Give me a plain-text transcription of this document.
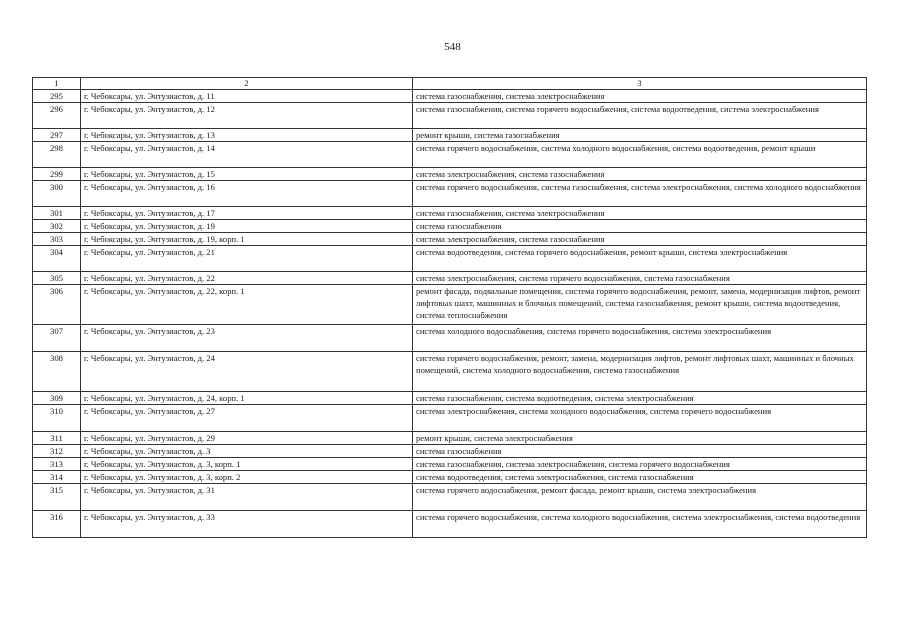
548
1	2	3
295	г. Чебоксары, ул. Энтузиастов, д. 11	система газоснабжения, система электроснабжения
296	г. Чебоксары, ул. Энтузиастов, д. 12	система газоснабжения, система горячего водоснабжения, система водоотведения, система электроснабжения
297	г. Чебоксары, ул. Энтузиастов, д. 13	ремонт крыши, система газоснабжения
298	г. Чебоксары, ул. Энтузиастов, д. 14	система горячего водоснабжения, система холодного водоснабжения, система водоотведения, ремонт крыши
299	г. Чебоксары, ул. Энтузиастов, д. 15	система электроснабжения, система газоснабжения
300	г. Чебоксары, ул. Энтузиастов, д. 16	система горячего водоснабжения, система газоснабжения, система электроснабжения, система холодного водоснабжения
301	г. Чебоксары, ул. Энтузиастов, д. 17	система газоснабжения, система электроснабжения
302	г. Чебоксары, ул. Энтузиастов, д. 19	система газоснабжения
303	г. Чебоксары, ул. Энтузиастов, д. 19, корп. 1	система электроснабжения, система газоснабжения
304	г. Чебоксары, ул. Энтузиастов, д. 21	система водоотведения, система горячего водоснабжения, ремонт крыши, система электроснабжения
305	г. Чебоксары, ул. Энтузиастов, д. 22	система электроснабжения, система горячего водоснабжения, система газоснабжения
306	г. Чебоксары, ул. Энтузиастов, д. 22, корп. 1	ремонт фасада, подвальные помещения, система горячего водоснабжения, ремонт, замена, модернизация лифтов, ремонт лифтовых шахт, машинных и блочных помещений, система газоснабжения, ремонт крыши, система водоотведения, система теплоснабжения
307	г. Чебоксары, ул. Энтузиастов, д. 23	система холодного водоснабжения, система горячего водоснабжения, система электроснабжения
308	г. Чебоксары, ул. Энтузиастов, д. 24	система горячего водоснабжения, ремонт, замена, модернизация лифтов, ремонт лифтовых шахт, машинных и блочных помещений, система холодного водоснабжения, система газоснабжения
309	г. Чебоксары, ул. Энтузиастов, д. 24, корп. 1	система газоснабжения, система водоотведения, система электроснабжения
310	г. Чебоксары, ул. Энтузиастов, д. 27	система электроснабжения, система холодного водоснабжения, система горячего водоснабжения
311	г. Чебоксары, ул. Энтузиастов, д. 29	ремонт крыши, система электроснабжения
312	г. Чебоксары, ул. Энтузиастов, д. 3	система газоснабжения
313	г. Чебоксары, ул. Энтузиастов, д. 3, корп. 1	система газоснабжения, система электроснабжения, система горячего водоснабжения
314	г. Чебоксары, ул. Энтузиастов, д. 3, корп. 2	система водоотведения, система электроснабжения, система газоснабжения
315	г. Чебоксары, ул. Энтузиастов, д. 31	система горячего водоснабжения, ремонт фасада, ремонт крыши, система электроснабжения
316	г. Чебоксары, ул. Энтузиастов, д. 33	система горячего водоснабжения, система холодного водоснабжения, система электроснабжения, система водоотведения
